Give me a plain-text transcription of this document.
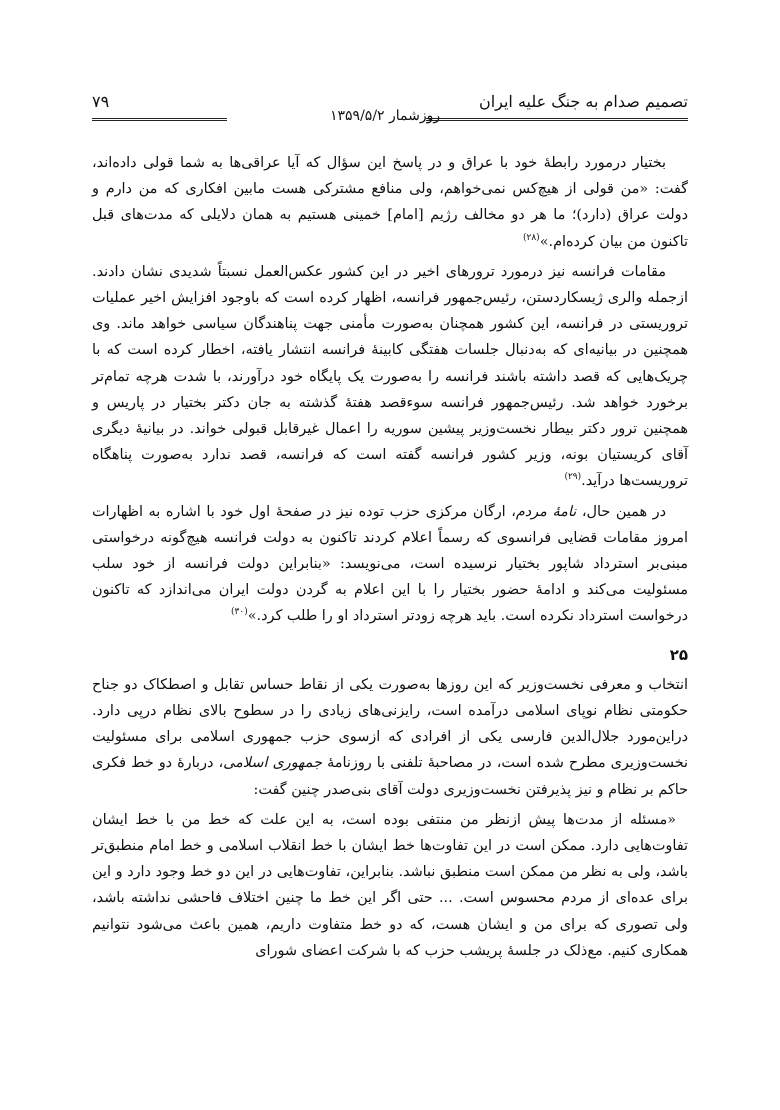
تصمیم صدام به جنگ علیه ایران
روزشمار ۱۳۵۹/۵/۲
۷۹

بختیار درمورد رابطهٔ خود با عراق و در پاسخ این سؤال که آیا عراقی‌ها به شما قولی داده‌اند، گفت: «من قولی از هیچ‌کس نمی‌خواهم، ولی منافع مشترکی هست مابین افکاری که من دارم و دولت عراق (دارد)؛ ما هر دو مخالف رژیم [امام] خمینی هستیم به همان دلایلی که مدت‌های قبل تاکنون من بیان کرده‌ام.»$^{(۲۸)}$

مقامات فرانسه نیز درمورد ترورهای اخیر در این کشور عکس‌العمل نسبتاً شدیدی نشان دادند. ازجمله والری ژیسکاردستن، رئیس‌جمهور فرانسه، اظهار کرده است که باوجود افزایش اخیر عملیات تروریستی در فرانسه، این کشور همچنان به‌صورت مأمنی جهت پناهندگان سیاسی خواهد ماند. وی همچنین در بیانیه‌ای که به‌دنبال جلسات هفتگی کابینهٔ فرانسه انتشار یافته، اخطار کرده است که با چریک‌هایی که قصد داشته باشند فرانسه را به‌صورت یک پایگاه خود درآورند، با شدت هرچه تمام‌تر برخورد خواهد شد. رئیس‌جمهور فرانسه سوءقصد هفتهٔ گذشته به جان دکتر بختیار در پاریس و همچنین ترور دکتر بیطار نخست‌وزیر پیشین سوریه را اعمال غیرقابل قبولی خواند. در بیانیهٔ دیگری آقای کریستیان بونه، وزیر کشور فرانسه گفته است که فرانسه، قصد ندارد به‌صورت پناهگاه تروریست‌ها درآید.$^{(۲۹)}$

در همین حال، نامهٔ مردم، ارگان مرکزی حزب توده نیز در صفحهٔ اول خود با اشاره به اظهارات امروز مقامات قضایی فرانسوی که رسماً اعلام کردند تاکنون به دولت فرانسه هیچ‌گونه درخواستی مبنی‌بر استرداد شاپور بختیار نرسیده است، می‌نویسد: «بنابراین دولت فرانسه از خود سلب مسئولیت می‌کند و ادامهٔ حضور بختیار را با این اعلام به گردن دولت ایران می‌اندازد که تاکنون درخواست استرداد نکرده است. باید هرچه زودتر استرداد او را طلب کرد.»$^{(۳۰)}$

۲۵

انتخاب و معرفی نخست‌وزیر که این روزها به‌صورت یکی از نقاط حساس تقابل و اصطکاک دو جناح حکومتی نظام نوپای اسلامی درآمده است، رایزنی‌های زیادی را در سطوح بالای نظام درپی دارد. دراین‌مورد جلال‌الدین فارسی یکی از افرادی که ازسوی حزب جمهوری اسلامی برای مسئولیت نخست‌وزیری مطرح شده است، در مصاحبهٔ تلفنی با روزنامهٔ جمهوری اسلامی، دربارهٔ دو خط فکری حاکم بر نظام و نیز پذیرفتن نخست‌وزیری دولت آقای بنی‌صدر چنین گفت:

«مسئله از مدت‌ها پیش ازنظر من منتفی بوده است، به این علت که خط من با خط ایشان تفاوت‌هایی دارد. ممکن است در این تفاوت‌ها خط ایشان با خط انقلاب اسلامی و خط امام منطبق‌تر باشد، ولی به نظر من ممکن است منطبق نباشد. بنابراین، تفاوت‌هایی در این دو خط وجود دارد و این برای عده‌ای از مردم محسوس است. ... حتی اگر این خط ما چنین اختلاف فاحشی نداشته باشد، ولی تصوری که برای من و ایشان هست، که دو خط متفاوت داریم، همین باعث می‌شود نتوانیم همکاری کنیم. مع‌ذلک در جلسهٔ پریشب حزب که با شرکت اعضای شورای
